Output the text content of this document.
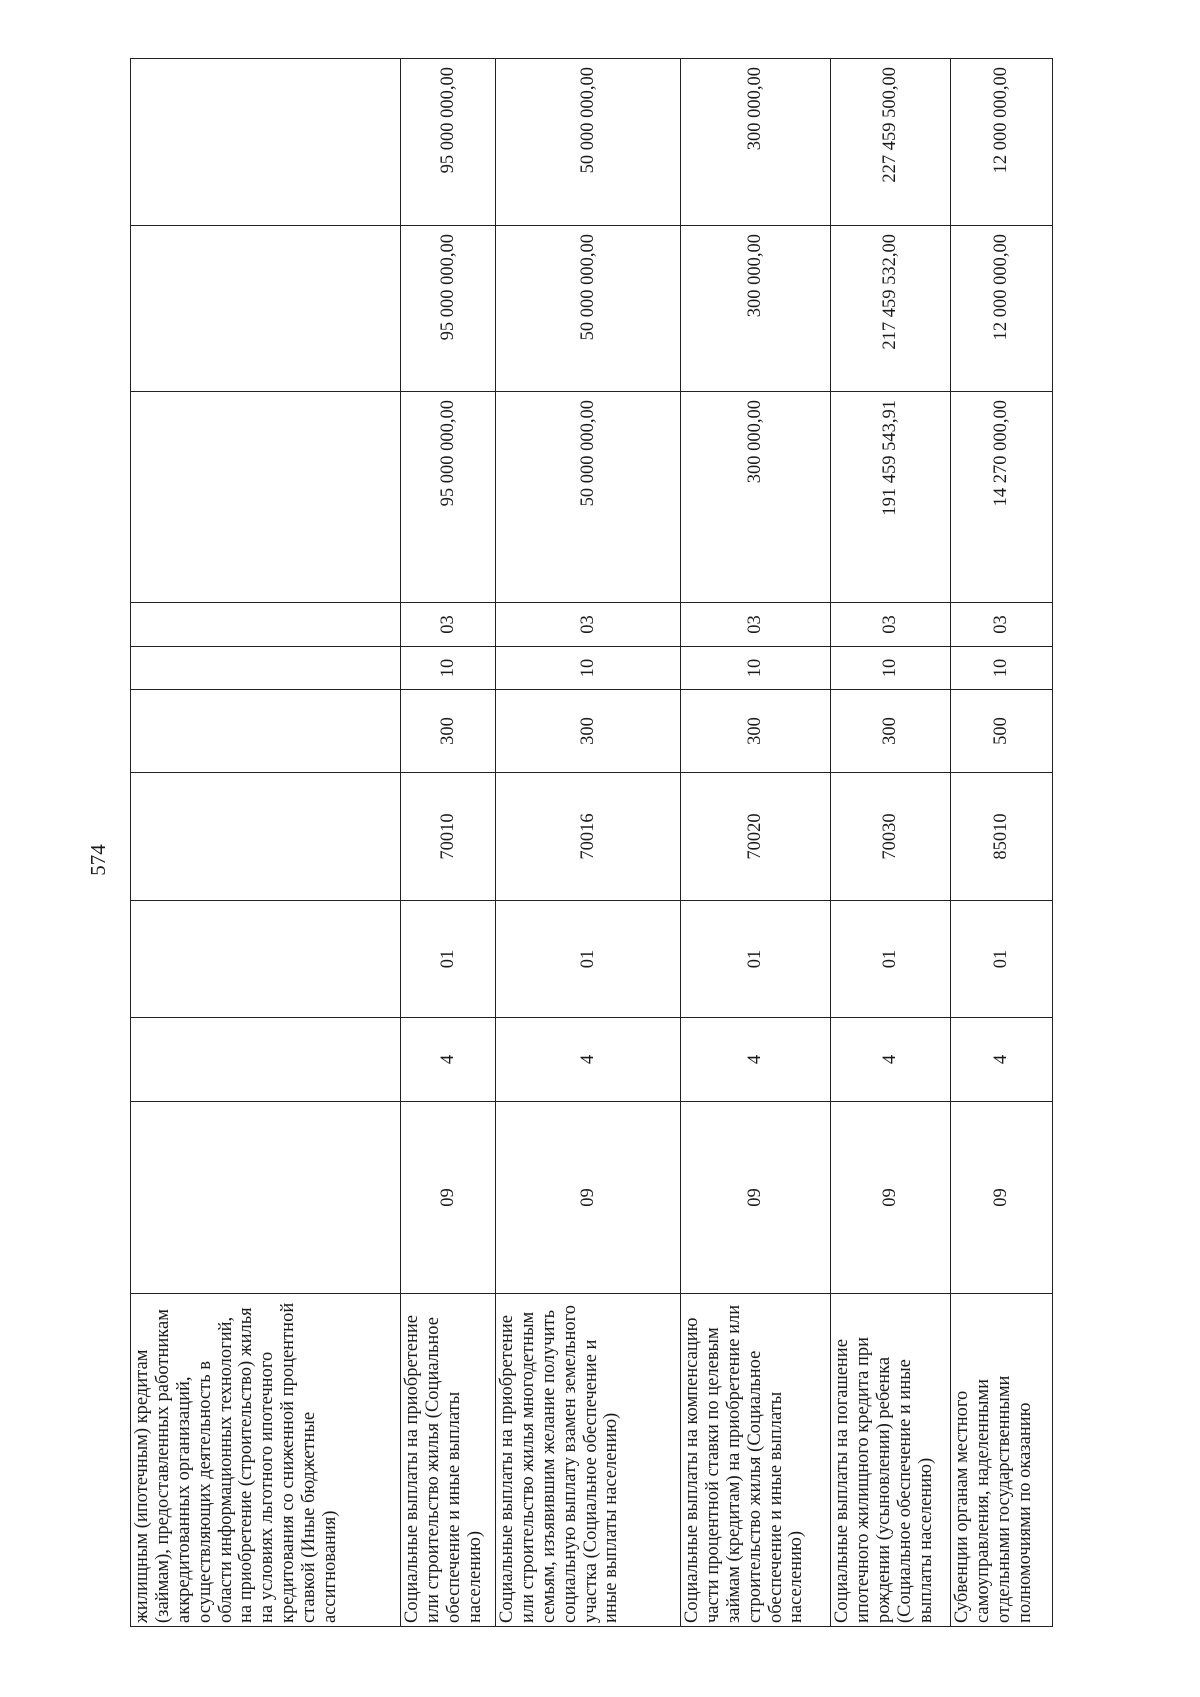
574
жилищным (ипотечным) кредитам (займам), предоставленных работникам аккредитованных организаций, осуществляющих деятельность в области информационных технологий, на приобретение (строительство) жилья на условиях льготного ипотечного кредитования со сниженной процентной ставкой (Иные бюджетные ассигнования)										
Социальные выплаты на приобретение или строительство жилья (Социальное обеспечение и иные выплаты населению)	09	4	01	70010	300	10	03	95 000 000,00	95 000 000,00	95 000 000,00
Социальные выплаты на приобретение или строительство жилья многодетным семьям, изъявившим желание получить социальную выплату взамен земельного участка (Социальное обеспечение и иные выплаты населению)	09	4	01	70016	300	10	03	50 000 000,00	50 000 000,00	50 000 000,00
Социальные выплаты на компенсацию части процентной ставки по целевым займам (кредитам) на приобретение или строительство жилья (Социальное обеспечение и иные выплаты населению)	09	4	01	70020	300	10	03	300 000,00	300 000,00	300 000,00
Социальные выплаты на погашение ипотечного жилищного кредита при рождении (усыновлении) ребенка (Социальное обеспечение и иные выплаты населению)	09	4	01	70030	300	10	03	191 459 543,91	217 459 532,00	227 459 500,00
Субвенции органам местного самоуправления, наделенными отдельными государственными полномочиями по оказанию	09	4	01	85010	500	10	03	14 270 000,00	12 000 000,00	12 000 000,00
